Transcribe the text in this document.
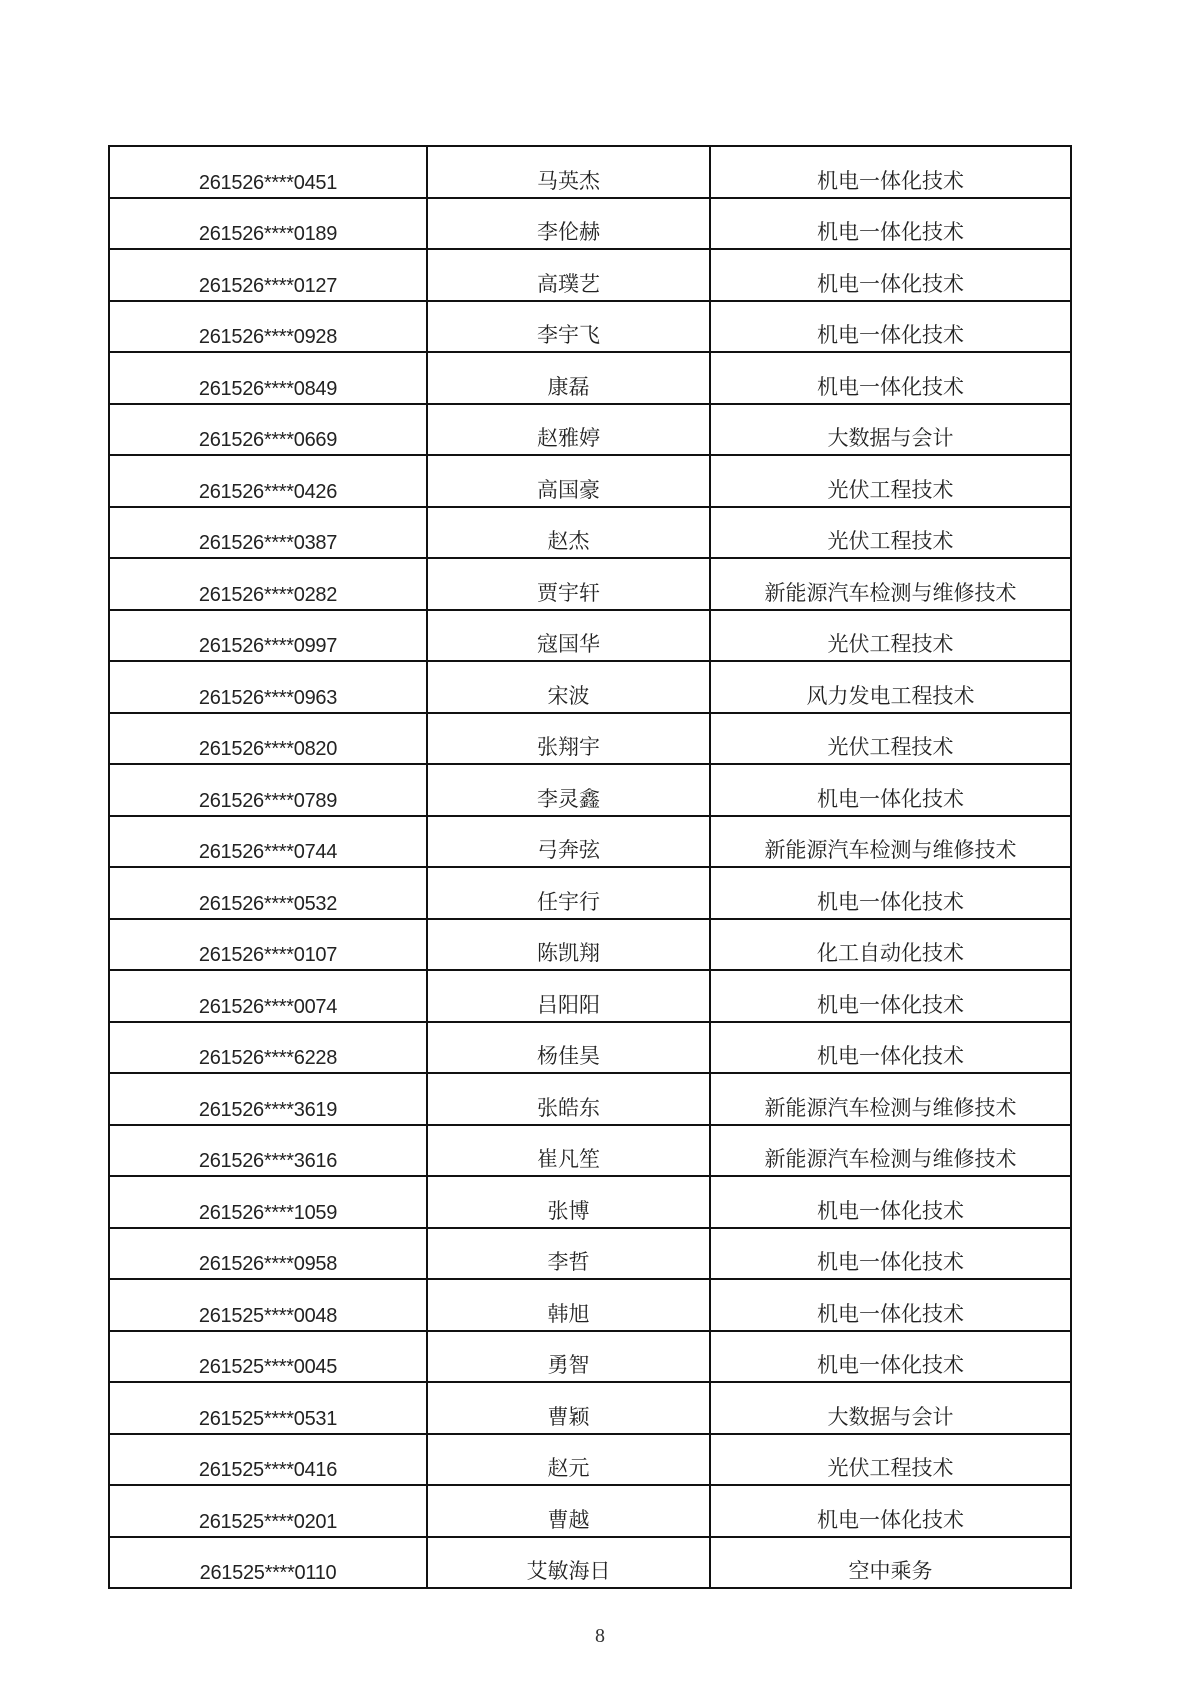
261526****0451	马英杰	机电一体化技术
261526****0189	李伦赫	机电一体化技术
261526****0127	高璞艺	机电一体化技术
261526****0928	李宇飞	机电一体化技术
261526****0849	康磊	机电一体化技术
261526****0669	赵雅婷	大数据与会计
261526****0426	高国豪	光伏工程技术
261526****0387	赵杰	光伏工程技术
261526****0282	贾宇轩	新能源汽车检测与维修技术
261526****0997	寇国华	光伏工程技术
261526****0963	宋波	风力发电工程技术
261526****0820	张翔宇	光伏工程技术
261526****0789	李灵鑫	机电一体化技术
261526****0744	弓奔弦	新能源汽车检测与维修技术
261526****0532	任宇行	机电一体化技术
261526****0107	陈凯翔	化工自动化技术
261526****0074	吕阳阳	机电一体化技术
261526****6228	杨佳昊	机电一体化技术
261526****3619	张皓东	新能源汽车检测与维修技术
261526****3616	崔凡笙	新能源汽车检测与维修技术
261526****1059	张博	机电一体化技术
261526****0958	李哲	机电一体化技术
261525****0048	韩旭	机电一体化技术
261525****0045	勇智	机电一体化技术
261525****0531	曹颖	大数据与会计
261525****0416	赵元	光伏工程技术
261525****0201	曹越	机电一体化技术
261525****0110	艾敏海日	空中乘务
8
